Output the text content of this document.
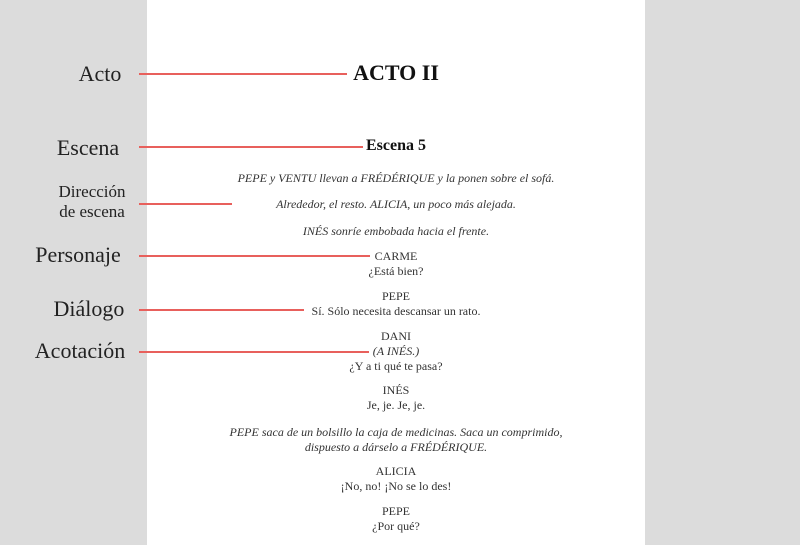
Acto
Escena
Dirección
de escena
Personaje
Diálogo
Acotación
ACTO II
Escena 5
PEPE y VENTU llevan a FRÉDÉRIQUE y la ponen sobre el sofá.
Alrededor, el resto. ALICIA, un poco más alejada.
INÉS sonríe embobada hacia el frente.
CARME
¿Está bien?
PEPE
Sí. Sólo necesita descansar un rato.
DANI
(A INÉS.)
¿Y a ti qué te pasa?
INÉS
Je, je. Je, je.
PEPE saca de un bolsillo la caja de medicinas. Saca un comprimido,
dispuesto a dárselo a FRÉDÉRIQUE.
ALICIA
¡No, no! ¡No se lo des!
PEPE
¿Por qué?
